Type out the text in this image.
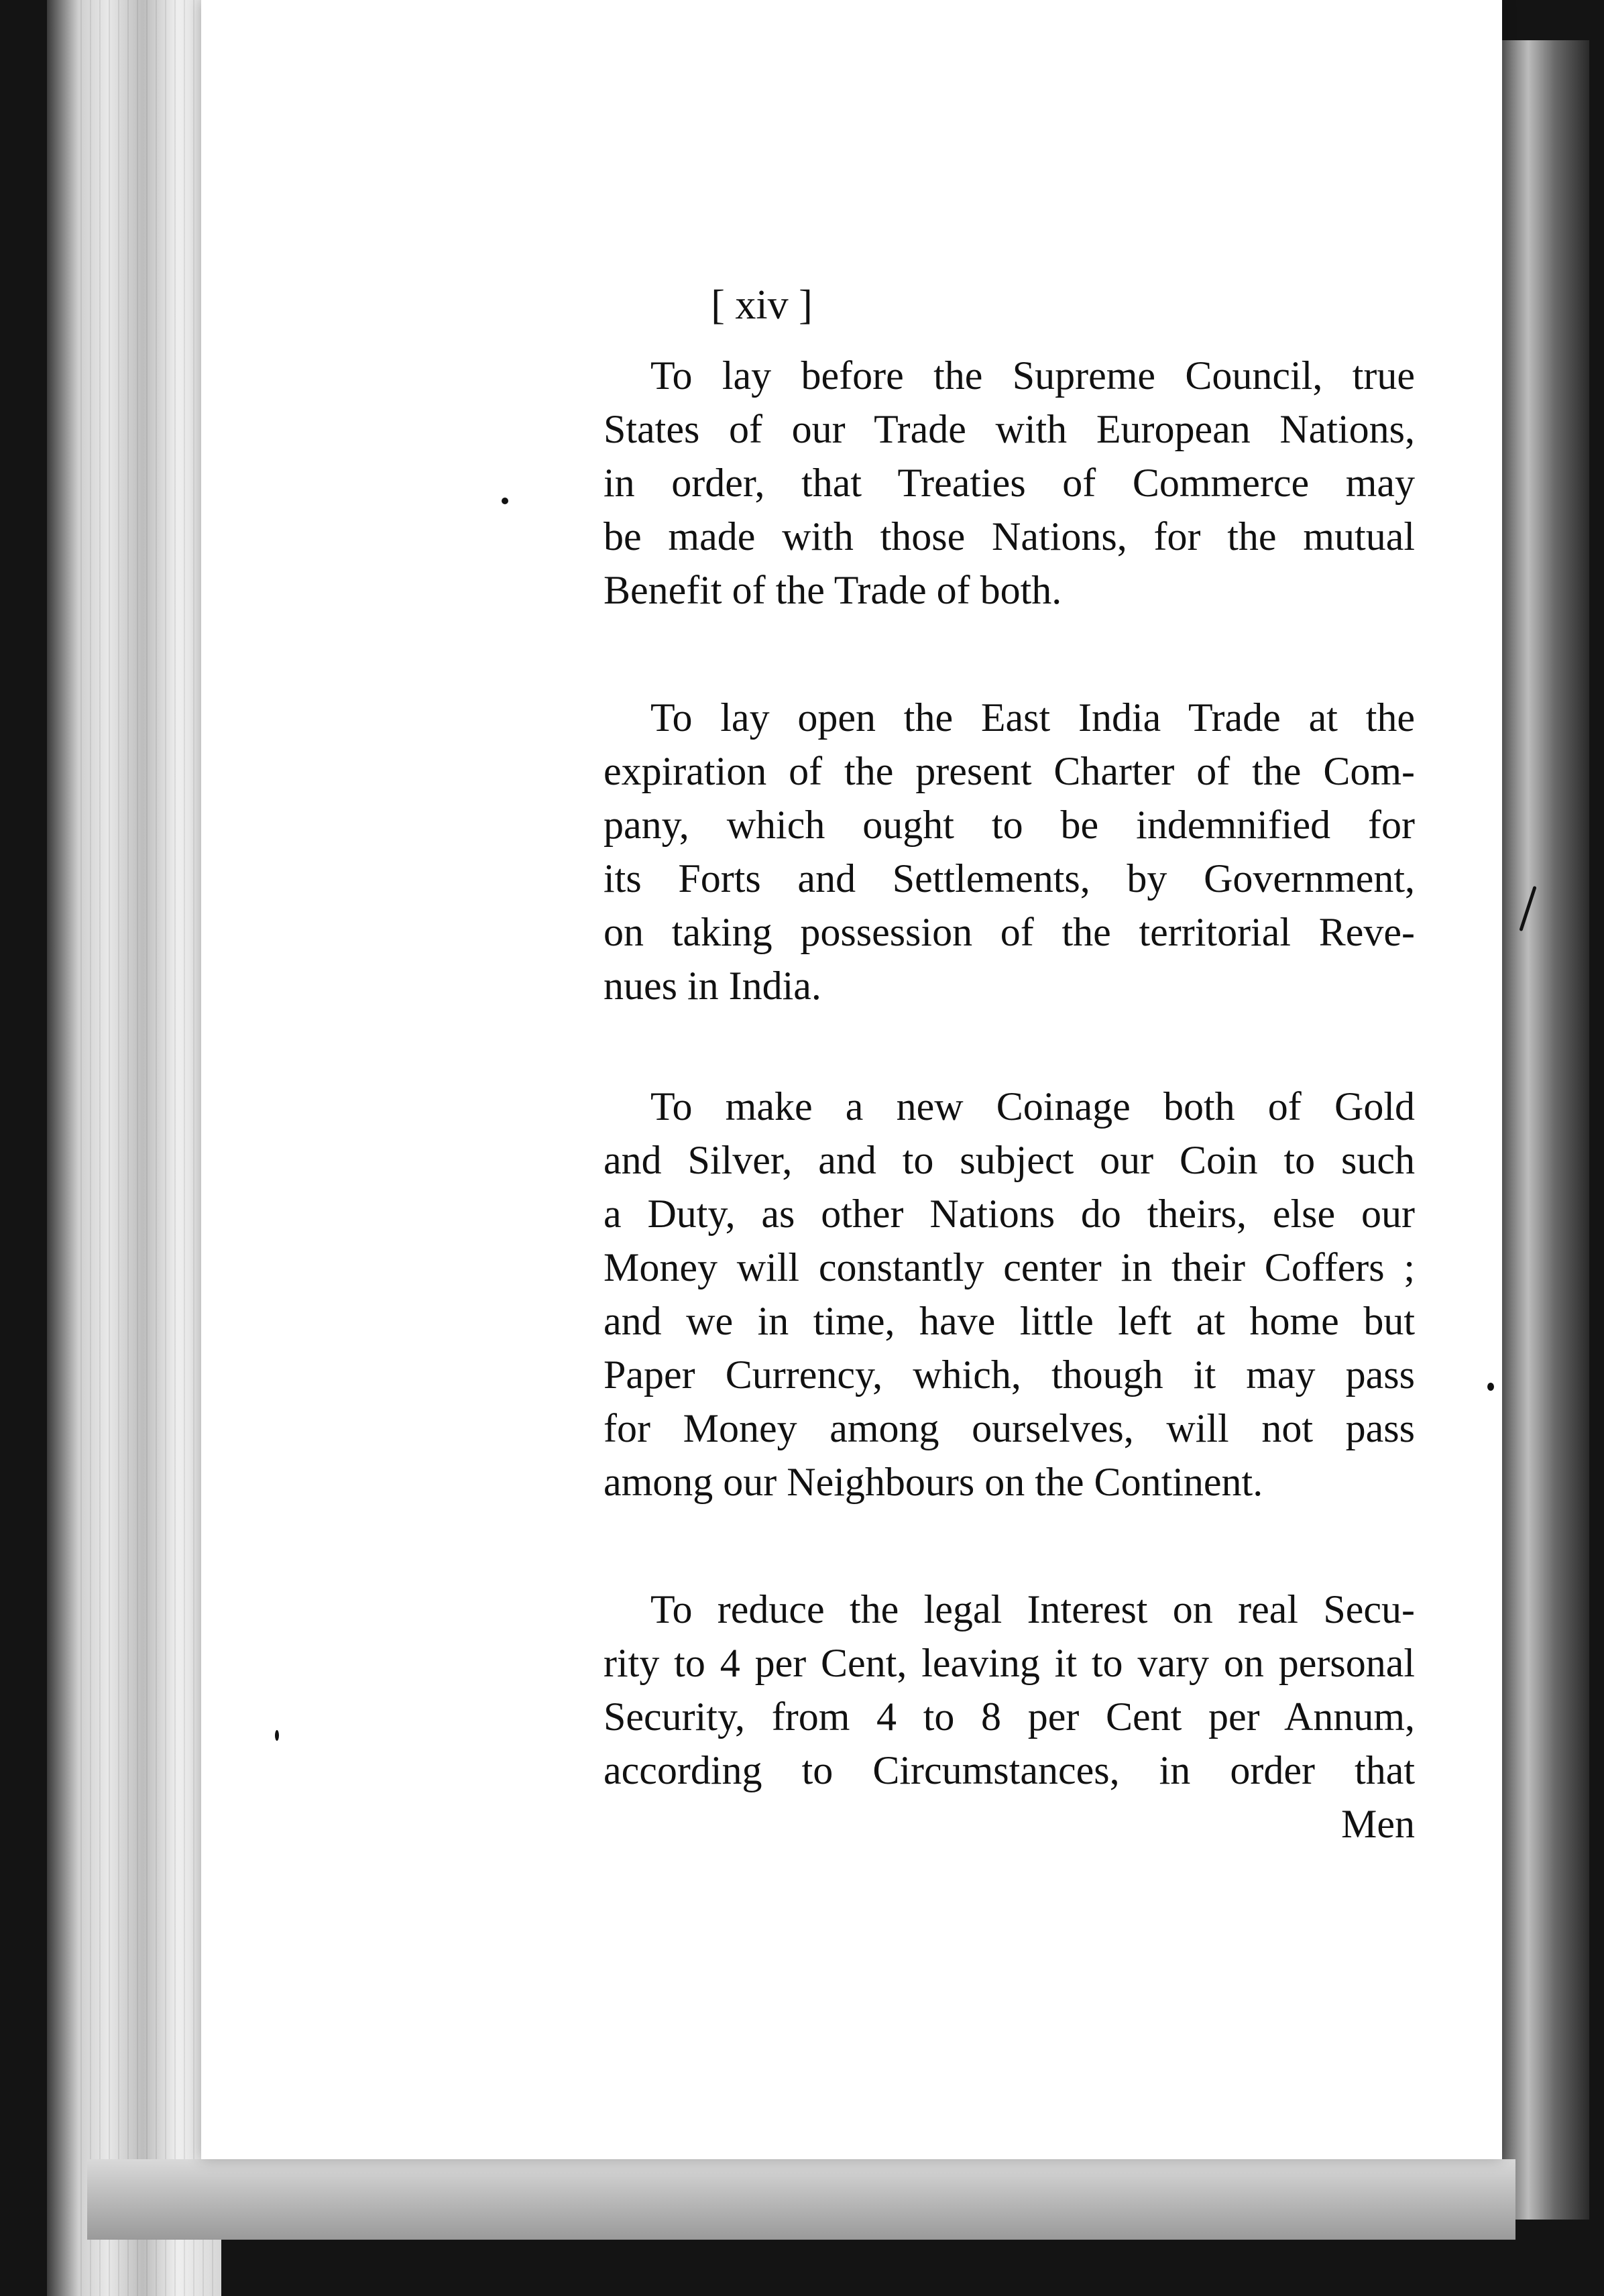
[ xiv ]
To lay before the Supreme Council, true
States of our Trade with European Nations,
in order, that Treaties of Commerce may
be made with those Nations, for the mutual
Benefit of the Trade of both.
To lay open the East India Trade at the
expiration of the present Charter of the Com-
pany, which ought to be indemnified for
its Forts and Settlements, by Government,
on taking possession of the territorial Reve-
nues in India.
To make a new Coinage both of Gold
and Silver, and to subject our Coin to such
a Duty, as other Nations do theirs, else our
Money will constantly center in their Coffers ;
and we in time, have little left at home but
Paper Currency, which, though it may pass
for Money among ourselves, will not pass
among our Neighbours on the Continent.
To reduce the legal Interest on real Secu-
rity to 4 per Cent, leaving it to vary on personal
Security, from 4 to 8 per Cent per Annum,
according to Circumstances, in order that
Men
